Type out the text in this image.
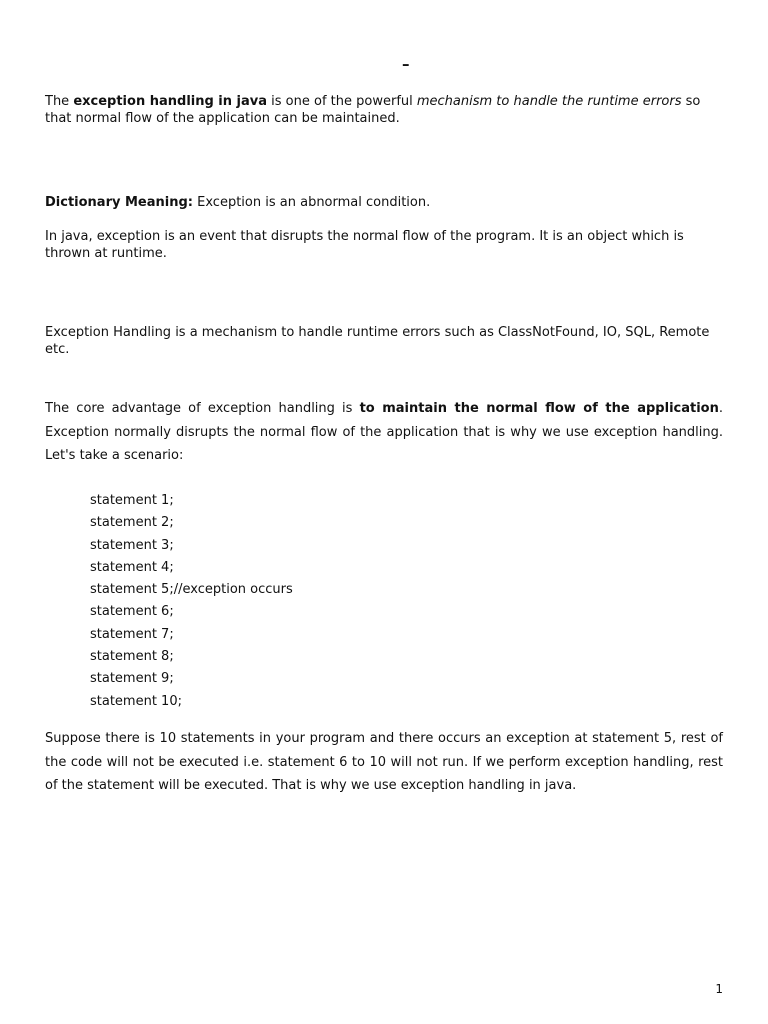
–

The exception handling in java is one of the powerful mechanism to handle the runtime errors so that normal flow of the application can be maintained.

Dictionary Meaning: Exception is an abnormal condition.

In java, exception is an event that disrupts the normal flow of the program. It is an object which is thrown at runtime.

Exception Handling is a mechanism to handle runtime errors such as ClassNotFound, IO, SQL, Remote etc.

The core advantage of exception handling is to maintain the normal flow of the application. Exception normally disrupts the normal flow of the application that is why we use exception handling. Let's take a scenario:

statement 1;
statement 2;
statement 3;
statement 4;
statement 5;//exception occurs
statement 6;
statement 7;
statement 8;
statement 9;
statement 10;

Suppose there is 10 statements in your program and there occurs an exception at statement 5, rest of the code will not be executed i.e. statement 6 to 10 will not run. If we perform exception handling, rest of the statement will be executed. That is why we use exception handling in java.

1
